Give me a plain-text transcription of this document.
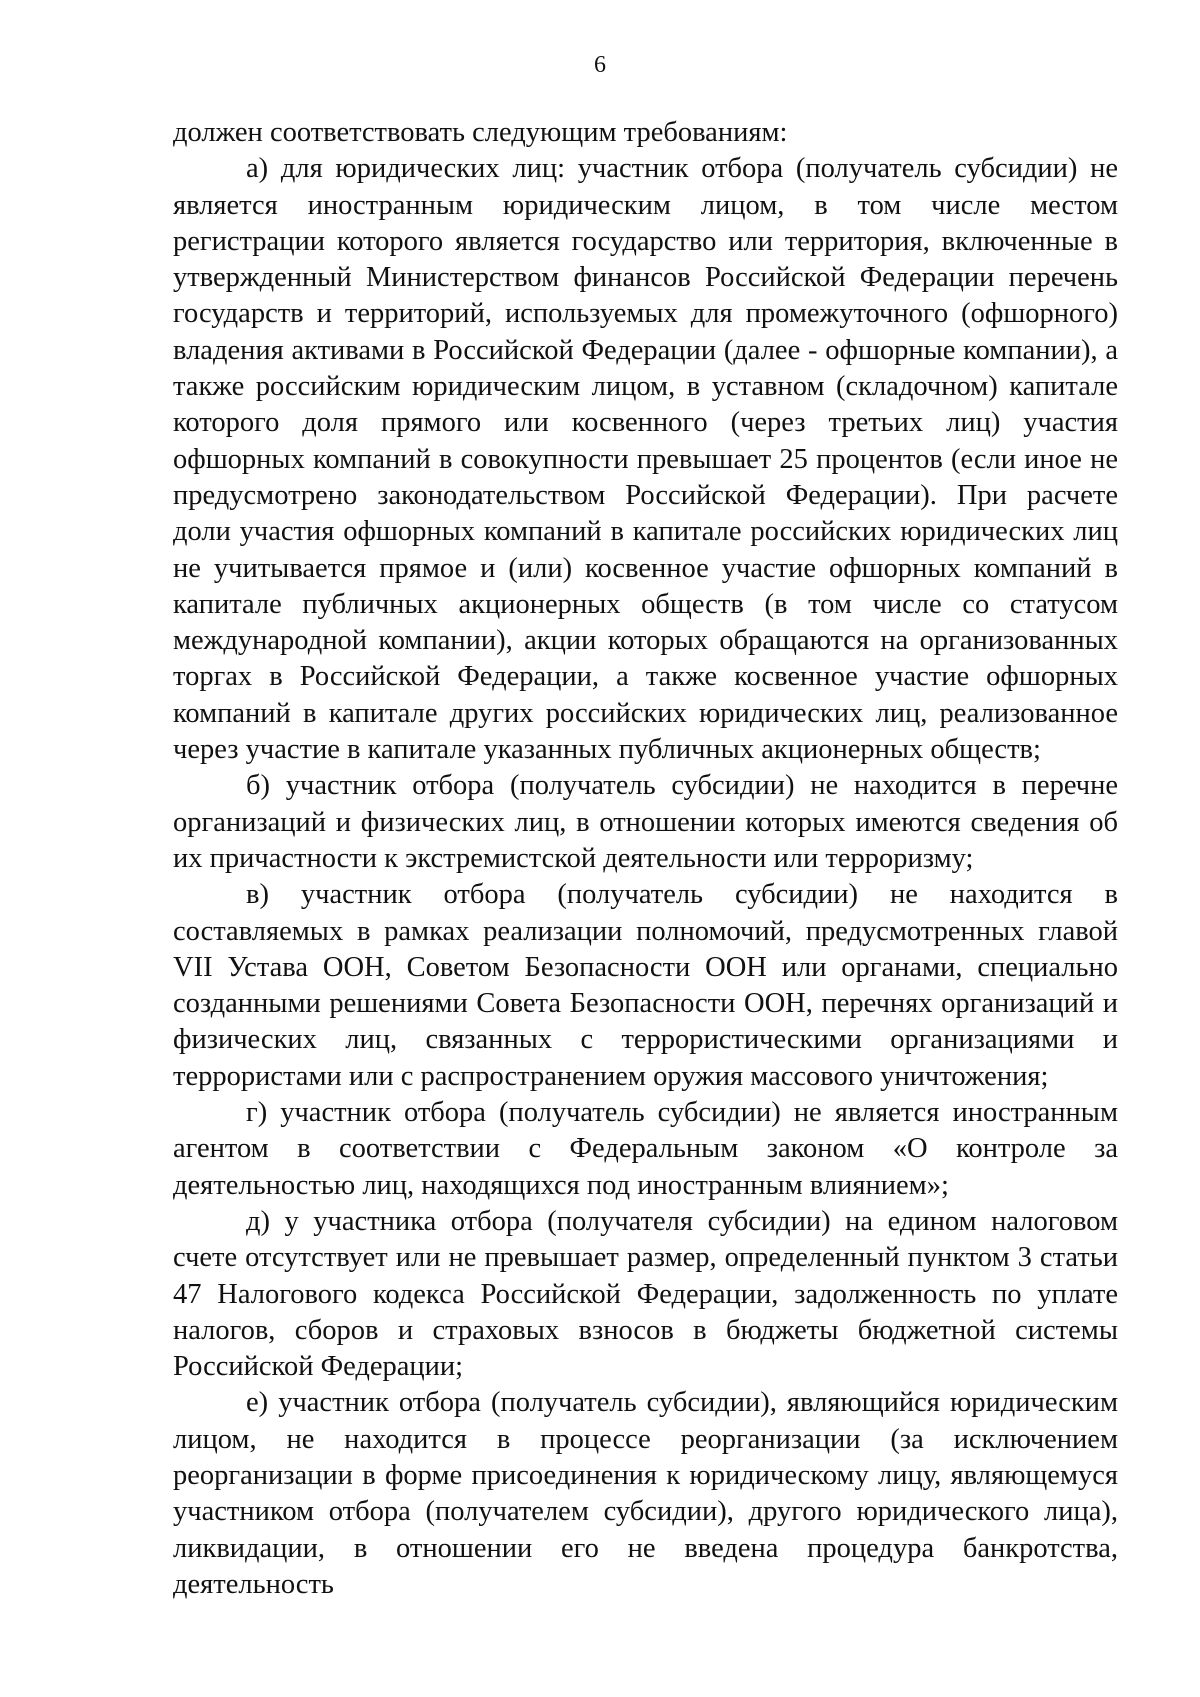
6

должен соответствовать следующим требованиям:

а) для юридических лиц: участник отбора (получатель субсидии) не является иностранным юридическим лицом, в том числе местом регистрации которого является государство или территория, включенные в утвержденный Министерством финансов Российской Федерации перечень государств и территорий, используемых для промежуточного (офшорного) владения активами в Российской Федерации (далее - офшорные компании), а также российским юридическим лицом, в уставном (складочном) капитале которого доля прямого или косвенного (через третьих лиц) участия офшорных компаний в совокупности превышает 25 процентов (если иное не предусмотрено законодательством Российской Федерации). При расчете доли участия офшорных компаний в капитале российских юридических лиц не учитывается прямое и (или) косвенное участие офшорных компаний в капитале публичных акционерных обществ (в том числе со статусом международной компании), акции которых обращаются на организованных торгах в Российской Федерации, а также косвенное участие офшорных компаний в капитале других российских юридических лиц, реализованное через участие в капитале указанных публичных акционерных обществ;

б) участник отбора (получатель субсидии) не находится в перечне организаций и физических лиц, в отношении которых имеются сведения об их причастности к экстремистской деятельности или терроризму;

в) участник отбора (получатель субсидии) не находится в составляемых в рамках реализации полномочий, предусмотренных главой VII Устава ООН, Советом Безопасности ООН или органами, специально созданными решениями Совета Безопасности ООН, перечнях организаций и физических лиц, связанных с террористическими организациями и террористами или с распространением оружия массового уничтожения;

г) участник отбора (получатель субсидии) не является иностранным агентом в соответствии с Федеральным законом «О контроле за деятельностью лиц, находящихся под иностранным влиянием»;

д) у участника отбора (получателя субсидии) на едином налоговом счете отсутствует или не превышает размер, определенный пунктом 3 статьи 47 Налогового кодекса Российской Федерации, задолженность по уплате налогов, сборов и страховых взносов в бюджеты бюджетной системы Российской Федерации;

е) участник отбора (получатель субсидии), являющийся юридическим лицом, не находится в процессе реорганизации (за исключением реорганизации в форме присоединения к юридическому лицу, являющемуся участником отбора (получателем субсидии), другого юридического лица), ликвидации, в отношении его не введена процедура банкротства, деятельность
